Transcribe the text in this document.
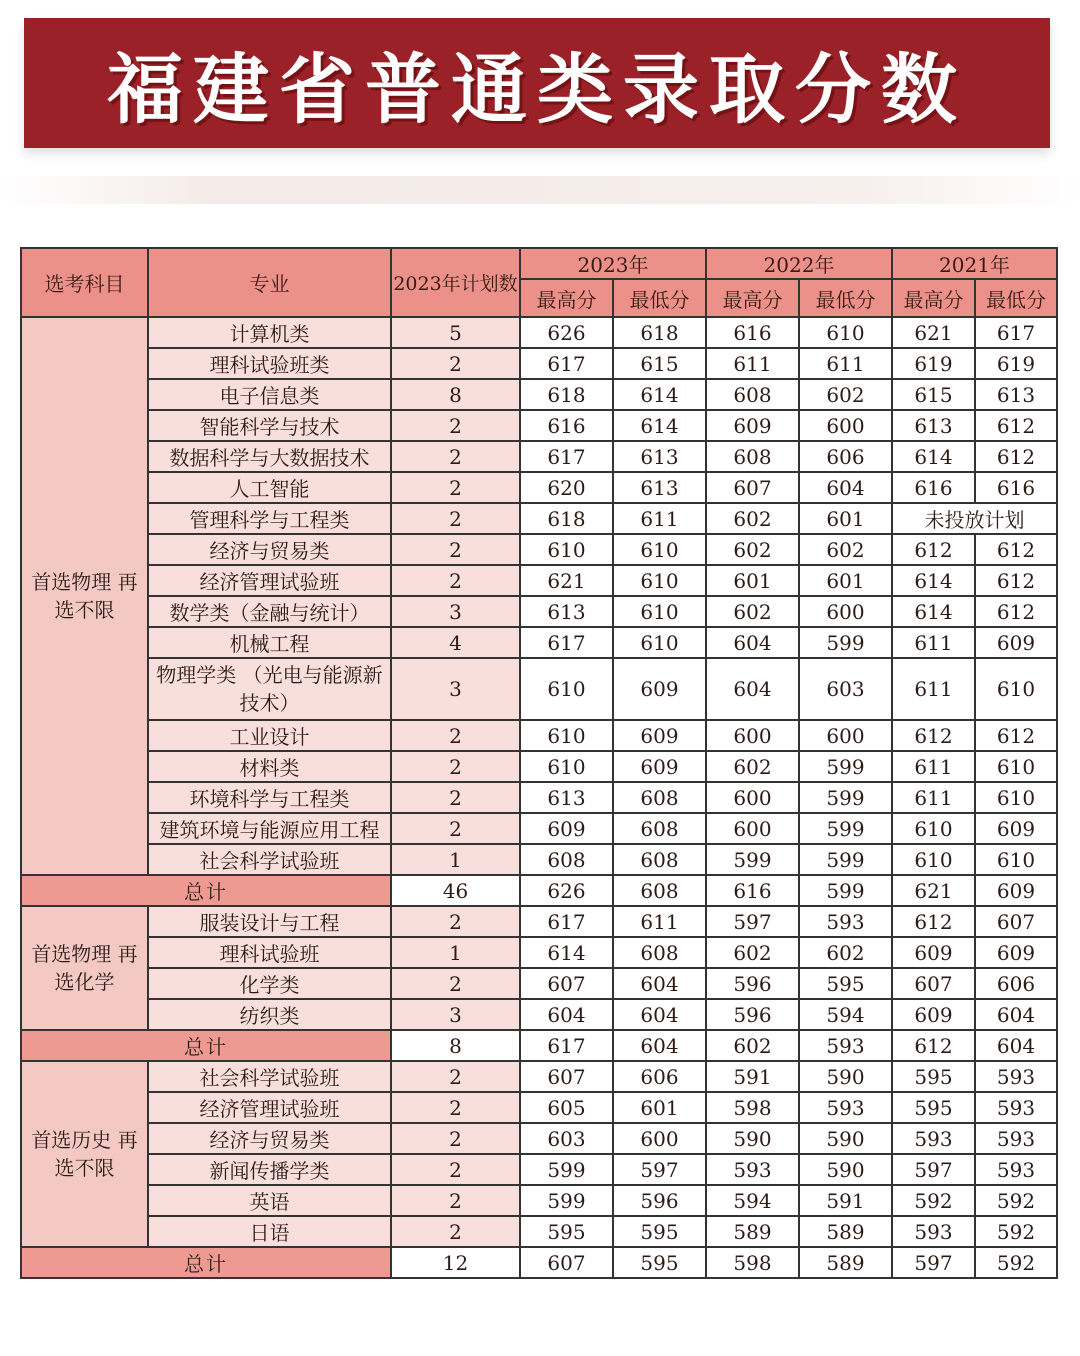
福建省普通类录取分数
选考科目	专业	2023年计划数	2023年		2022年		2021年	
			最高分	最低分	最高分	最低分	最高分	最低分
首选物理 再选不限	计算机类	5	626	618	616	610	621	617
	理科试验班类	2	617	615	611	611	619	619
	电子信息类	8	618	614	608	602	615	613
	智能科学与技术	2	616	614	609	600	613	612
	数据科学与大数据技术	2	617	613	608	606	614	612
	人工智能	2	620	613	607	604	616	616
	管理科学与工程类	2	618	611	602	601	未投放计划	
	经济与贸易类	2	610	610	602	602	612	612
	经济管理试验班	2	621	610	601	601	614	612
	数学类（金融与统计）	3	613	610	602	600	614	612
	机械工程	4	617	610	604	599	611	609
	物理学类 （光电与能源新技术）	3	610	609	604	603	611	610
	工业设计	2	610	609	600	600	612	612
	材料类	2	610	609	602	599	611	610
	环境科学与工程类	2	613	608	600	599	611	610
	建筑环境与能源应用工程	2	609	608	600	599	610	609
	社会科学试验班	1	608	608	599	599	610	610
总计		46	626	608	616	599	621	609
首选物理 再选化学	服装设计与工程	2	617	611	597	593	612	607
	理科试验班	1	614	608	602	602	609	609
	化学类	2	607	604	596	595	607	606
	纺织类	3	604	604	596	594	609	604
总计		8	617	604	602	593	612	604
首选历史 再选不限	社会科学试验班	2	607	606	591	590	595	593
	经济管理试验班	2	605	601	598	593	595	593
	经济与贸易类	2	603	600	590	590	593	593
	新闻传播学类	2	599	597	593	590	597	593
	英语	2	599	596	594	591	592	592
	日语	2	595	595	589	589	593	592
总计		12	607	595	598	589	597	592
